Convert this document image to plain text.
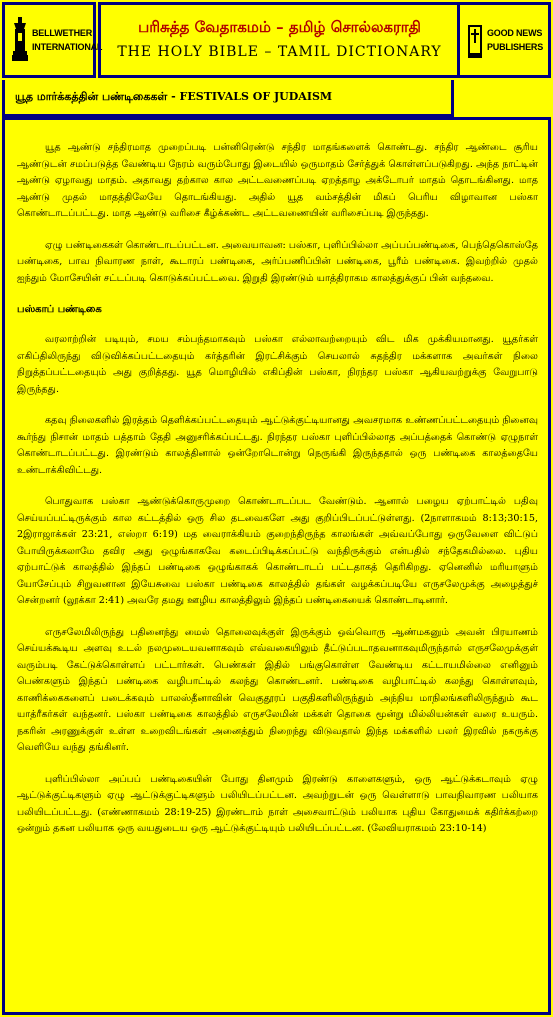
BELLWETHER INTERNATIONAL
பரிசுத்த வேதாகமம் – தமிழ் சொல்லகராதி
THE HOLY BIBLE – TAMIL DICTIONARY
GOOD NEWS PUBLISHERS
யூத மார்க்கத்தின் பண்டிகைகள் - FESTIVALS OF JUDAISM

யூத ஆண்டு சந்திரமாத முறைப்படி பன்னிரெண்டு சந்திர மாதங்களைக் கொண்டது. சந்திர ஆண்டை சூரிய ஆண்டுடன் சமப்படுத்த வேண்டிய நேரம் வரும்போது இடையில் ஒருமாதம் சேர்த்துக் கொள்ளப்படுகிறது. அந்த நாட்டின் ஆண்டு ஏழாவது மாதம். அதாவது தற்கால கால அட்டவணைப்படி ஏறத்தாழ அக்டோபர் மாதம் தொடங்கினது. மாத ஆண்டு முதல் மாதத்திலேயே தொடங்கியது. அதில் யூத வம்சத்தின் மிகப் பெரிய விழாவான பஸ்கா கொண்டாடப்பட்டது. மாத ஆண்டு வரிசை கீழ்க்கண்ட அட்டவணையின் வரிசைப்படி இருந்தது.

ஏழு பண்டிகைகள் கொண்டாடப்பட்டன. அவையாவன: பஸ்கா, புளிப்பில்லா அப்பப்பண்டிகை, பெந்தெகொஸ்தே பண்டிகை, பாவ நிவாரண நாள், கூடாரப் பண்டிகை, அர்ப்பணிப்பின் பண்டிகை, பூரீம் பண்டிகை. இவற்றில் முதல் ஐந்தும் மோசேயின் சட்டப்படி கொடுக்கப்பட்டவை. இறுதி இரண்டும் யாத்திராகம காலத்துக்குப் பின் வந்தவை.

பஸ்காப் பண்டிகை

வரலாற்றின் படியும், சமய சம்பந்தமாகவும் பஸ்கா எல்லாவற்றையும் விட மிக முக்கியமானது. யூதர்கள் எகிப்திலிருந்து விடுவிக்கப்பட்டதையும் கர்த்தரின் இரட்சிக்கும் செயலால் சுதந்திர மக்களாக அவர்கள் நிலை நிறுத்தப்பட்டதையும் அது குறித்தது. யூத மொழியில் எகிப்தின் பஸ்கா, நிரந்தர பஸ்கா ஆகியவற்றுக்கு வேறுபாடு இருந்தது.

கதவு நிலைகளில் இரத்தம் தெளிக்கப்பட்டதையும் ஆட்டுக்குட்டியானது அவசரமாக உண்ணப்பட்டதையும் நினைவு கூர்ந்து நிசான் மாதம் பத்தாம் தேதி அனுசரிக்கப்பட்டது. நிரந்தர பஸ்கா புளிப்பில்லாத அப்பத்தைக் கொண்டு ஏழுநாள் கொண்டாடப்பட்டது. இரண்டும் காலத்தினால் ஒன்றோடொன்று நெருங்கி இருந்ததால் ஒரு பண்டிகை காலத்தையே உண்டாக்கிவிட்டது.

பொதுவாக பஸ்கா ஆண்டுக்கொருமுறை கொண்டாடப்பட வேண்டும். ஆனால் பழைய ஏற்பாட்டில் பதிவு செய்யப்பட்டிருக்கும் கால கட்டத்தில் ஒரு சில தடவைகளே அது குறிப்பிடப்பட்டுள்ளது. (2நாளாகமம் 8:13;30:15, 2இராஜாக்கள் 23:21, எஸ்றா 6:19) மத வைராக்கியம் குறைந்திருந்த காலங்கள் அவ்வப்போது ஒருவேளை விட்டுப் போயிருக்கலாமே தவிர அது ஒழுங்காகவே கடைப்பிடிக்கப்பட்டு வந்திருக்கும் என்பதில் சந்தேகமில்லை. புதிய ஏற்பாட்டுக் காலத்தில் இந்தப் பண்டிகை ஒழுங்காகக் கொண்டாடப் பட்டதாகத் தெரிகிறது. ஏனெனில் மரியாளும் யோசேப்பும் சிறுவனான இயேசுவை பஸ்கா பண்டிகை காலத்தில் தங்கள் வழக்கப்படியே எருசலேமுக்கு அழைத்துச் சென்றனர் (லூக்கா 2:41) அவரே தமது ஊழிய காலத்திலும் இந்தப் பண்டிகையைக் கொண்டாடினார்.

எருசலேமிலிருந்து பதினைந்து மைல் தொலைவுக்குள் இருக்கும் ஒவ்வொரு ஆண்மகனும் அவன் பிரயாணம் செய்யக்கூடிய அளவு உடல் நலமுடையவனாகவும் எவ்வகையிலும் தீட்டுப்படாதவனாகவுமிருந்தால் எருசலேமுக்குள் வரும்படி கேட்டுக்கொள்ளப் பட்டார்கள். பெண்கள் இதில் பங்குகொள்ள வேண்டிய கட்டாயமில்லை எனினும் பெண்களும் இந்தப் பண்டிகை வழிபாட்டில் கலந்து கொண்டனர். பண்டிகை வழிபாட்டில் கலந்து கொள்ளவும், காணிக்கைகளைப் படைக்கவும் பாலஸ்தீனாவின் வெகுதூரப் பகுதிகளிலிருந்தும் அந்நிய மாநிலங்களிலிருந்தும் கூட யாத்ரீகர்கள் வந்தனர். பஸ்கா பண்டிகை காலத்தில் எருசலேமின் மக்கள் தொகை மூன்று மில்லியன்கள் வரை உயரும். நகரின் அரணுக்குள் உள்ள உறைவிடங்கள் அனைத்தும் நிறைந்து விடுவதால் இந்த மக்களில் பலர் இரவில் நகருக்கு வெளியே வந்து தங்கினர்.

புளிப்பில்லா அப்பப் பண்டிகையின் போது தினமும் இரண்டு காளைகளும், ஒரு ஆட்டுக்கடாவும் ஏழு ஆட்டுக்குட்டிகளும் ஏழு ஆட்டுக்குட்டிகளும் பலியிடப்பட்டன. அவற்றுடன் ஒரு வெள்ளாடு பாவநிவாரண பலியாக பலியிடப்பட்டது. (எண்ணாகமம் 28:19-25) இரண்டாம் நாள் அசைவாட்டும் பலியாக புதிய கோதுமைக் கதிர்க்கற்றை ஒன்றும் தகன பலியாக ஒரு வயதுடைய ஒரு ஆட்டுக்குட்டியும் பலியிடப்பட்டன. (லேவியராகமம் 23:10-14)
